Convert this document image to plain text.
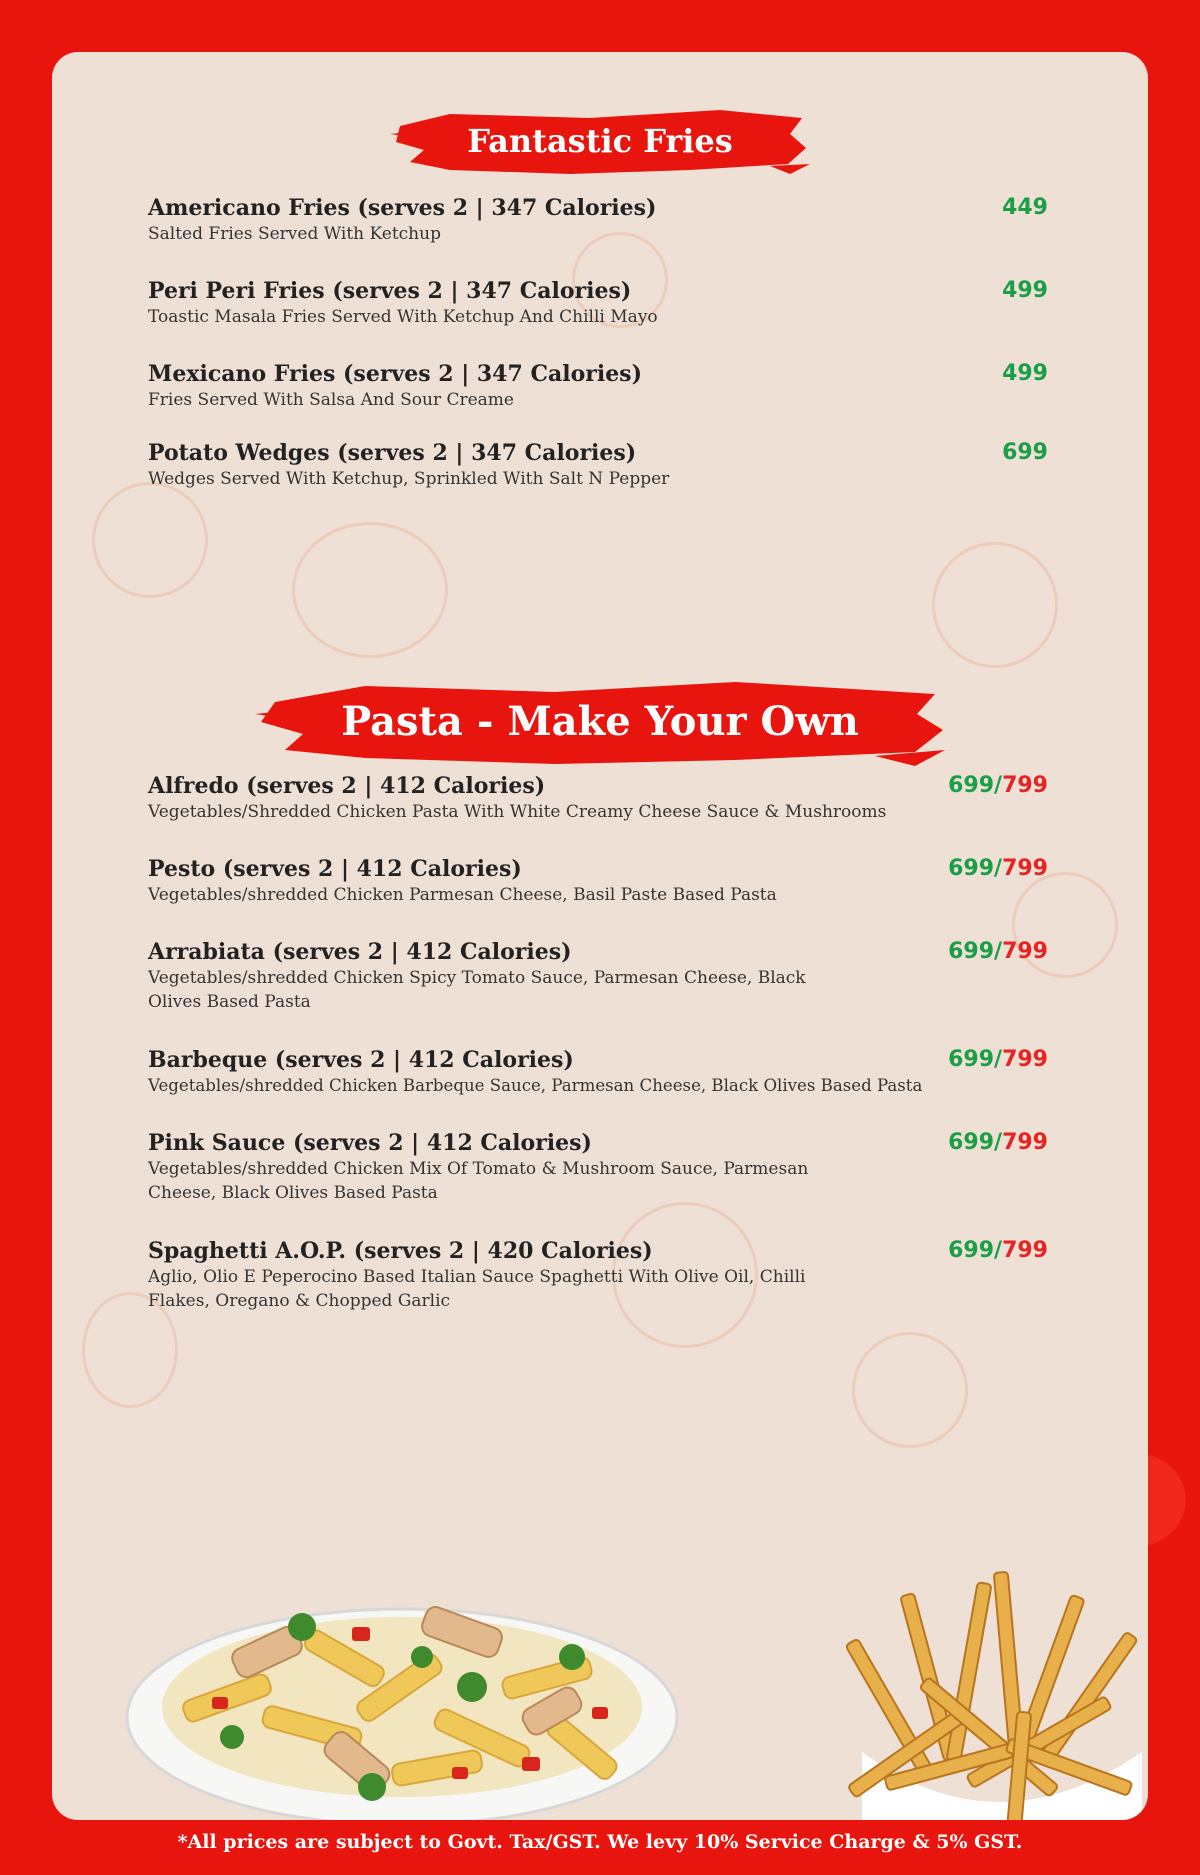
Fantastic Fries
Americano Fries (serves 2 | 347 Calories)
Salted Fries Served With Ketchup
449
Peri Peri Fries (serves 2 | 347 Calories)
Toastic Masala Fries Served With Ketchup And Chilli Mayo
499
Mexicano Fries (serves 2 | 347 Calories)
Fries Served With Salsa And Sour Creame
499
Potato Wedges (serves 2 | 347 Calories)
Wedges Served With Ketchup, Sprinkled With Salt N Pepper
699
Pasta - Make Your Own
Alfredo (serves 2 | 412 Calories)
Vegetables/Shredded Chicken Pasta With White Creamy Cheese Sauce & Mushrooms
699/799
Pesto (serves 2 | 412 Calories)
Vegetables/shredded Chicken Parmesan Cheese, Basil Paste Based Pasta
699/799
Arrabiata (serves 2 | 412 Calories)
Vegetables/shredded Chicken Spicy Tomato Sauce, Parmesan Cheese, Black Olives Based Pasta
699/799
Barbeque (serves 2 | 412 Calories)
Vegetables/shredded Chicken Barbeque Sauce, Parmesan Cheese, Black Olives Based Pasta
699/799
Pink Sauce (serves 2 | 412 Calories)
Vegetables/shredded Chicken Mix Of Tomato & Mushroom Sauce, Parmesan Cheese, Black Olives Based Pasta
699/799
Spaghetti A.O.P. (serves 2 | 420 Calories)
Aglio, Olio E Peperocino Based Italian Sauce Spaghetti With Olive Oil, Chilli Flakes, Oregano & Chopped Garlic
699/799
*All prices are subject to Govt. Tax/GST. We levy 10% Service Charge & 5% GST.
